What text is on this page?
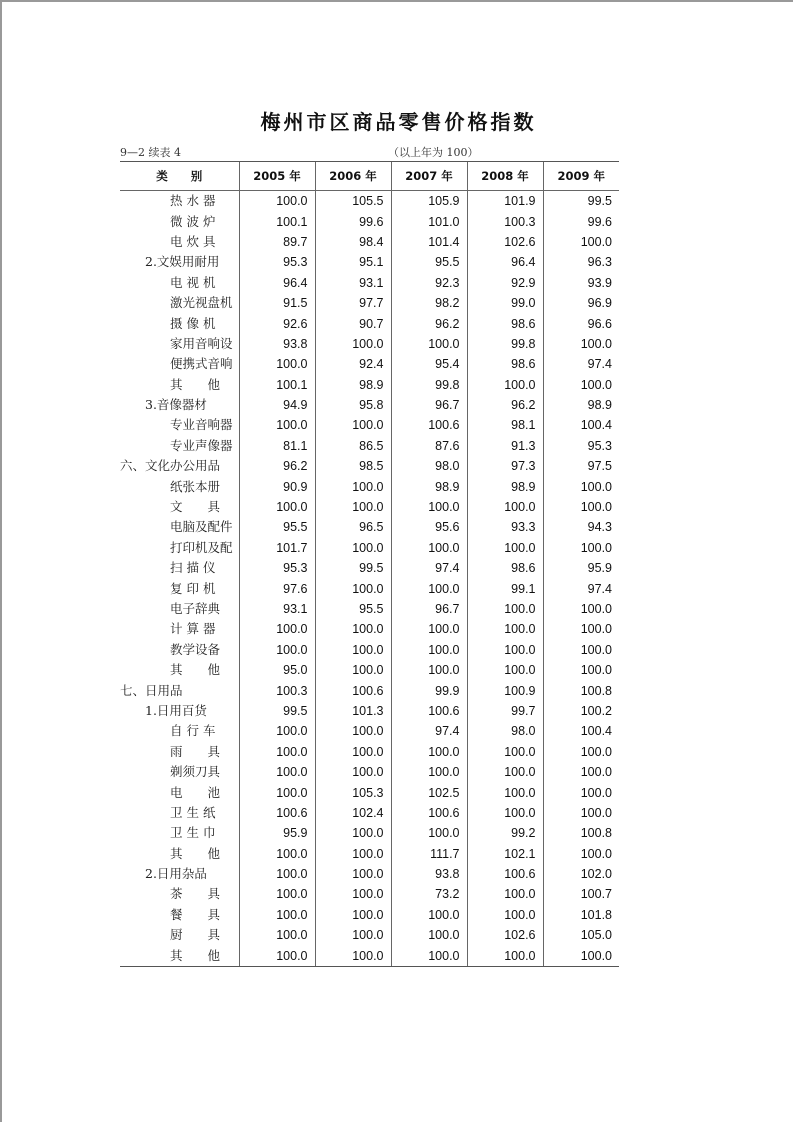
梅州市区商品零售价格指数
9—2 续表 4	（以上年为 100）
类　　别	2005 年	2006 年	2007 年	2008 年	2009 年
热 水 器	100.0	105.5	105.9	101.9	99.5
微 波 炉	100.1	99.6	101.0	100.3	99.6
电 炊 具	89.7	98.4	101.4	102.6	100.0
2.文娱用耐用	95.3	95.1	95.5	96.4	96.3
电 视 机	96.4	93.1	92.3	92.9	93.9
激光视盘机	91.5	97.7	98.2	99.0	96.9
摄 像 机	92.6	90.7	96.2	98.6	96.6
家用音响设	93.8	100.0	100.0	99.8	100.0
便携式音响	100.0	92.4	95.4	98.6	97.4
其　　他	100.1	98.9	99.8	100.0	100.0
3.音像器材	94.9	95.8	96.7	96.2	98.9
专业音响器	100.0	100.0	100.6	98.1	100.4
专业声像器	81.1	86.5	87.6	91.3	95.3
六、文化办公用品	96.2	98.5	98.0	97.3	97.5
纸张本册	90.9	100.0	98.9	98.9	100.0
文　　具	100.0	100.0	100.0	100.0	100.0
电脑及配件	95.5	96.5	95.6	93.3	94.3
打印机及配	101.7	100.0	100.0	100.0	100.0
扫 描 仪	95.3	99.5	97.4	98.6	95.9
复 印 机	97.6	100.0	100.0	99.1	97.4
电子辞典	93.1	95.5	96.7	100.0	100.0
计 算 器	100.0	100.0	100.0	100.0	100.0
教学设备	100.0	100.0	100.0	100.0	100.0
其　　他	95.0	100.0	100.0	100.0	100.0
七、日用品	100.3	100.6	99.9	100.9	100.8
1.日用百货	99.5	101.3	100.6	99.7	100.2
自 行 车	100.0	100.0	97.4	98.0	100.4
雨　　具	100.0	100.0	100.0	100.0	100.0
剃须刀具	100.0	100.0	100.0	100.0	100.0
电　　池	100.0	105.3	102.5	100.0	100.0
卫 生 纸	100.6	102.4	100.6	100.0	100.0
卫 生 巾	95.9	100.0	100.0	99.2	100.8
其　　他	100.0	100.0	111.7	102.1	100.0
2.日用杂品	100.0	100.0	93.8	100.6	102.0
茶　　具	100.0	100.0	73.2	100.0	100.7
餐　　具	100.0	100.0	100.0	100.0	101.8
厨　　具	100.0	100.0	100.0	102.6	105.0
其　　他	100.0	100.0	100.0	100.0	100.0
